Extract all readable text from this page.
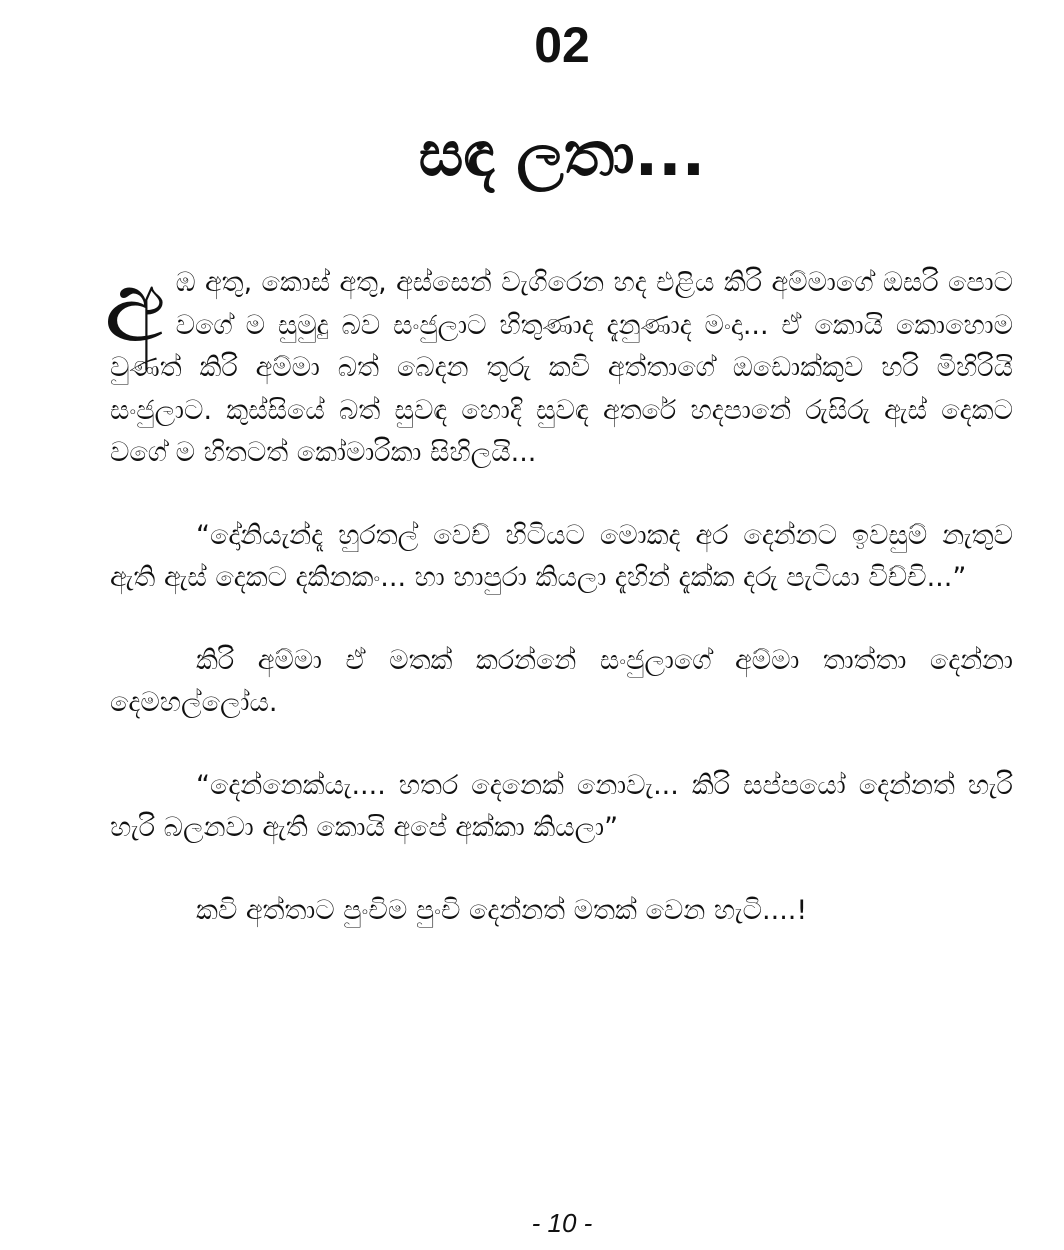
02
සඳ ලතා...

අඹ අතු, කොස් අතු, අස්සෙන් වැගිරෙන හද එළිය කිරි අම්මාගේ ඔසරි පොට වගේ ම සුමුදු බව සංජුලාට හිතුණාද දැනුණාද මංදා... ඒ කොයි කොහොම වුණත් කිරි අම්මා බත් බෙදන තුරු කවි අත්තාගේ ඔඩොක්කුව හරි මිහිරියි සංජුලාට. කුස්සියේ බත් සුවඳ හොදි සුවඳ අතරේ හදපානේ රුසිරු ඇස් දෙකට වගේ ම හිතටත් කෝමාරිකා සිහිලයි...

“දෝනියැන්දෑ හුරතල් වෙච් හිටියට මොකද අර දෙන්නට ඉවසුම් නැතුව ඇති ඇස් දෙකට දකිනකං... හා හාපුරා කියලා දැහින් දැක්ක දරු පැටියා විච්චි...”

කිරි අම්මා ඒ මතක් කරන්නේ සංජුලාගේ අම්මා තාත්තා දෙන්නා දෙමහල්ලෝය.

“දෙන්නෙක්යැ.... හතර දෙනෙක් නොවැ... කිරි සප්පයෝ දෙන්නත් හැරි හැරි බලනවා ඇති කොයි අපේ අක්කා කියලා”

කවි අත්තාට පුංචිම පුංචි දෙන්නත් මතක් වෙන හැටි....!

- 10 -
